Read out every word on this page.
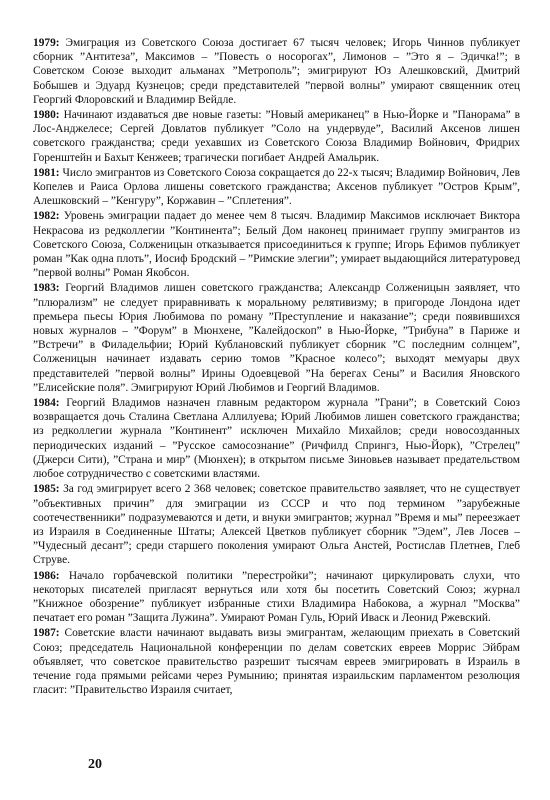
1979: Эмиграция из Советского Союза достигает 67 тысяч человек; Игорь Чиннов публикует сборник ”Антитеза”, Максимов – ”Повесть о носорогах”, Лимонов – ”Это я – Эдичка!”; в Советском Союзе выходит альманах ”Метрополь”; эмигрируют Юз Алешковский, Дмитрий Бобышев и Эдуард Кузнецов; среди представителей ”первой волны” умирают священник отец Георгий Флоровский и Владимир Вейдле.

1980: Начинают издаваться две новые газеты: ”Новый американец” в Нью-Йорке и ”Панорама” в Лос-Анджелесе; Сергей Довлатов публикует ”Соло на ундервуде”, Василий Аксенов лишен советского гражданства; среди уехавших из Советского Союза Владимир Войнович, Фридрих Горенштейн и Бахыт Кенжеев; трагически погибает Андрей Амальрик.

1981: Число эмигрантов из Советского Союза сокращается до 22-х тысяч; Владимир Войнович, Лев Копелев и Раиса Орлова лишены советского гражданства; Аксенов публикует ”Остров Крым”, Алешковский – ”Кенгуру”, Коржавин – ”Сплетения”.

1982: Уровень эмиграции падает до менее чем 8 тысяч. Владимир Максимов исключает Виктора Некрасова из редколлегии ”Континента”; Белый Дом наконец принимает группу эмигрантов из Советского Союза, Солженицын отказывается присоединиться к группе; Игорь Ефимов публикует роман ”Как одна плоть”, Иосиф Бродский – ”Римские элегии”; умирает выдающийся литературовед ”первой волны” Роман Якобсон.

1983: Георгий Владимов лишен советского гражданства; Александр Солженицын заявляет, что ”плюрализм” не следует приравнивать к моральному релятивизму; в пригороде Лондона идет премьера пьесы Юрия Любимова по роману ”Преступление и наказание”; среди появившихся новых журналов – ”Форум” в Мюнхене, ”Калейдоскоп” в Нью-Йорке, ”Трибуна” в Париже и ”Встречи” в Филадельфии; Юрий Кублановский публикует сборник ”С последним солнцем”, Солженицын начинает издавать серию томов ”Красное колесо”; выходят мемуары двух представителей ”первой волны” Ирины Одоевцевой ”На берегах Сены” и Василия Яновского ”Елисейские поля”. Эмигрируют Юрий Любимов и Георгий Владимов.

1984: Георгий Владимов назначен главным редактором журнала ”Грани”; в Советский Союз возвращается дочь Сталина Светлана Аллилуева; Юрий Любимов лишен советского гражданства; из редколлегии журнала ”Континент” исключен Михайло Михайлов; среди новосозданных периодических изданий – ”Русское самосознание” (Ричфилд Спрингз, Нью-Йорк), ”Стрелец” (Джерси Сити), ”Страна и мир” (Мюнхен); в открытом письме Зиновьев называет предательством любое сотрудничество с советскими властями.

1985: За год эмигрирует всего 2 368 человек; советское правительство заявляет, что не существует ”объективных причин” для эмиграции из СССР и что под термином ”зарубежные соотечественники” подразумеваются и дети, и внуки эмигрантов; журнал ”Время и мы” переезжает из Израиля в Соединенные Штаты; Алексей Цветков публикует сборник ”Эдем”, Лев Лосев – ”Чудесный десант”; среди старшего поколения умирают Ольга Анстей, Ростислав Плетнев, Глеб Струве.

1986: Начало горбачевской политики ”перестройки”; начинают циркулировать слухи, что некоторых писателей пригласят вернуться или хотя бы посетить Советский Союз; журнал ”Книжное обозрение” публикует избранные стихи Владимира Набокова, а журнал ”Москва” печатает его роман ”Защита Лужина”. Умирают Роман Гуль, Юрий Иваск и Леонид Ржевский.

1987: Советские власти начинают выдавать визы эмигрантам, желающим приехать в Советский Союз; председатель Национальной конференции по делам советских евреев Моррис Эйбрам объявляет, что советское правительство разрешит тысячам евреев эмигрировать в Израиль в течение года прямыми рейсами через Румынию; принятая израильским парламентом резолюция гласит: ”Правительство Израиля считает,

20
